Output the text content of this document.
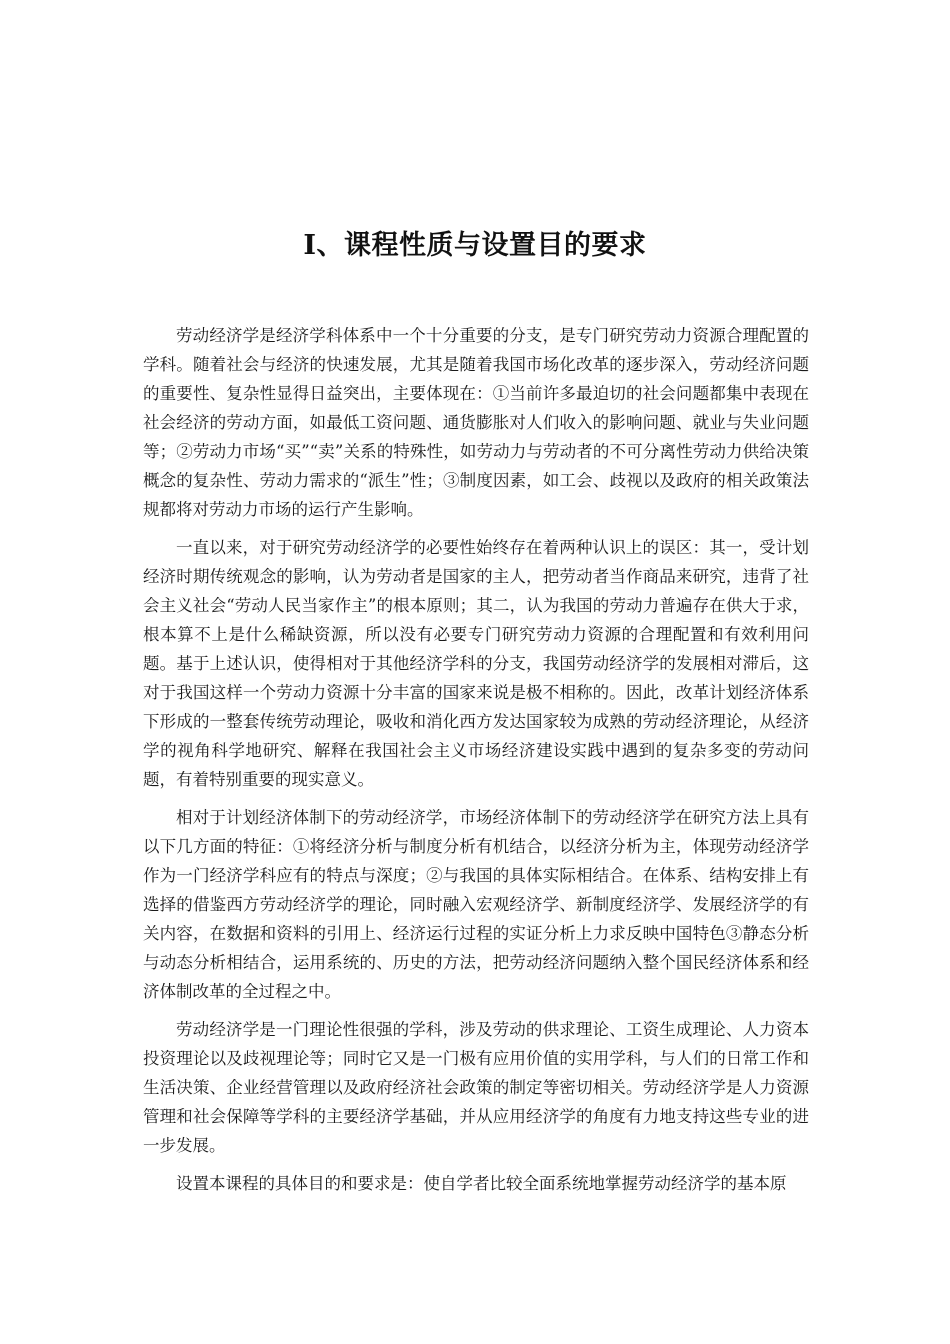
I、课程性质与设置目的要求

劳动经济学是经济学科体系中一个十分重要的分支，是专门研究劳动力资源合理配置的学科。随着社会与经济的快速发展，尤其是随着我国市场化改革的逐步深入，劳动经济问题的重要性、复杂性显得日益突出，主要体现在：①当前许多最迫切的社会问题都集中表现在社会经济的劳动方面，如最低工资问题、通货膨胀对人们收入的影响问题、就业与失业问题等；②劳动力市场“买”“卖”关系的特殊性，如劳动力与劳动者的不可分离性劳动力供给决策概念的复杂性、劳动力需求的“派生”性；③制度因素，如工会、歧视以及政府的相关政策法规都将对劳动力市场的运行产生影响。

一直以来，对于研究劳动经济学的必要性始终存在着两种认识上的误区：其一，受计划经济时期传统观念的影响，认为劳动者是国家的主人，把劳动者当作商品来研究，违背了社会主义社会“劳动人民当家作主”的根本原则；其二，认为我国的劳动力普遍存在供大于求，根本算不上是什么稀缺资源，所以没有必要专门研究劳动力资源的合理配置和有效利用问题。基于上述认识，使得相对于其他经济学科的分支，我国劳动经济学的发展相对滞后，这对于我国这样一个劳动力资源十分丰富的国家来说是极不相称的。因此，改革计划经济体系下形成的一整套传统劳动理论，吸收和消化西方发达国家较为成熟的劳动经济理论，从经济学的视角科学地研究、解释在我国社会主义市场经济建设实践中遇到的复杂多变的劳动问题，有着特别重要的现实意义。

相对于计划经济体制下的劳动经济学，市场经济体制下的劳动经济学在研究方法上具有以下几方面的特征：①将经济分析与制度分析有机结合，以经济分析为主，体现劳动经济学作为一门经济学科应有的特点与深度；②与我国的具体实际相结合。在体系、结构安排上有选择的借鉴西方劳动经济学的理论，同时融入宏观经济学、新制度经济学、发展经济学的有关内容，在数据和资料的引用上、经济运行过程的实证分析上力求反映中国特色③静态分析与动态分析相结合，运用系统的、历史的方法，把劳动经济问题纳入整个国民经济体系和经济体制改革的全过程之中。

劳动经济学是一门理论性很强的学科，涉及劳动的供求理论、工资生成理论、人力资本投资理论以及歧视理论等；同时它又是一门极有应用价值的实用学科，与人们的日常工作和生活决策、企业经营管理以及政府经济社会政策的制定等密切相关。劳动经济学是人力资源管理和社会保障等学科的主要经济学基础，并从应用经济学的角度有力地支持这些专业的进一步发展。

设置本课程的具体目的和要求是：使自学者比较全面系统地掌握劳动经济学的基本原
